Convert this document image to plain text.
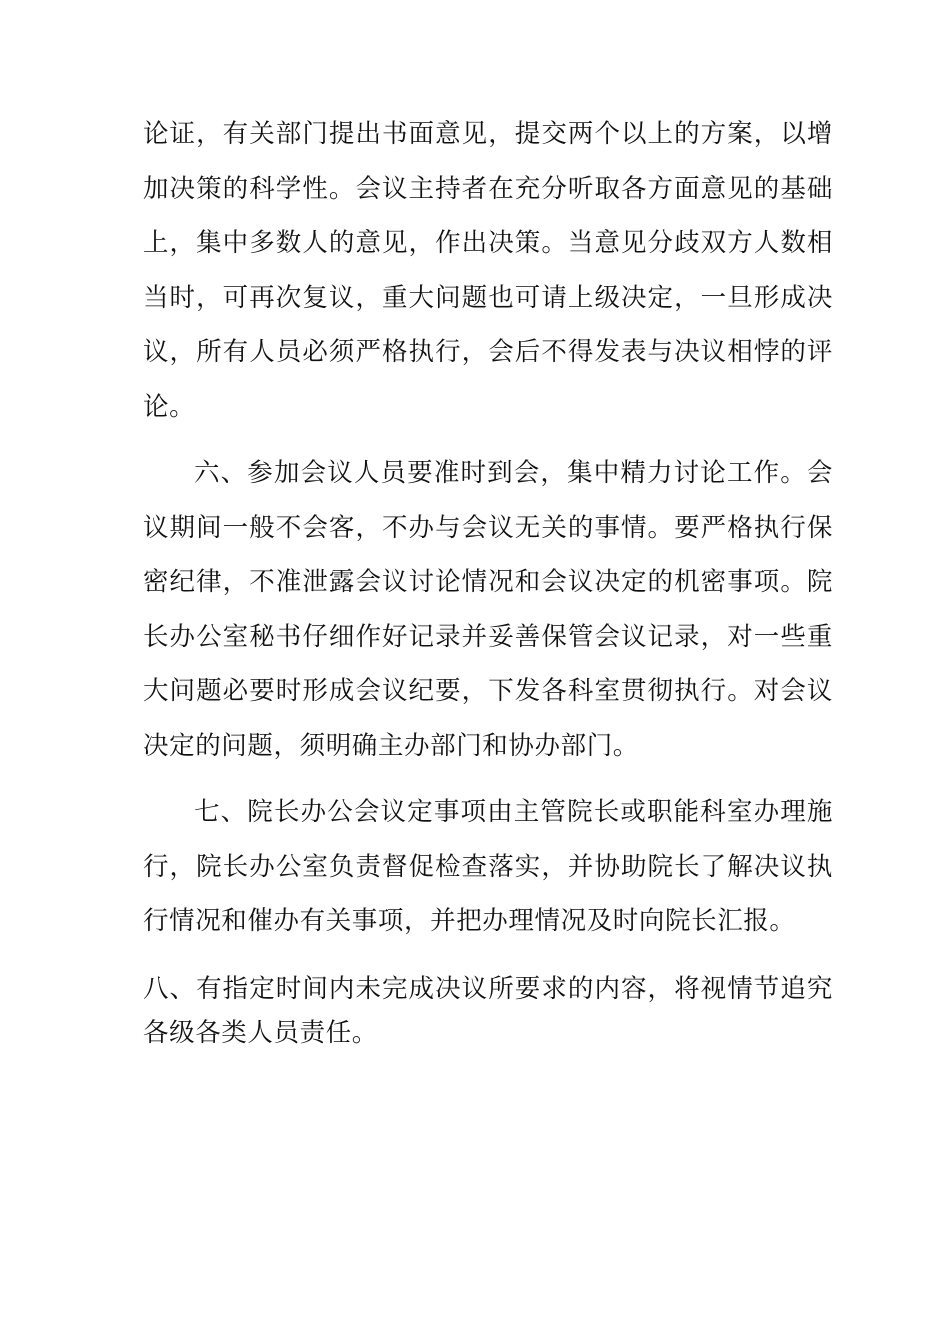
论证，有关部门提出书面意见，提交两个以上的方案，以增加决策的科学性。会议主持者在充分听取各方面意见的基础上，集中多数人的意见，作出决策。当意见分歧双方人数相当时，可再次复议，重大问题也可请上级决定，一旦形成决议，所有人员必须严格执行，会后不得发表与决议相悖的评论。

六、参加会议人员要准时到会，集中精力讨论工作。会议期间一般不会客，不办与会议无关的事情。要严格执行保密纪律，不准泄露会议讨论情况和会议决定的机密事项。院长办公室秘书仔细作好记录并妥善保管会议记录，对一些重大问题必要时形成会议纪要，下发各科室贯彻执行。对会议决定的问题，须明确主办部门和协办部门。

七、院长办公会议定事项由主管院长或职能科室办理施行，院长办公室负责督促检查落实，并协助院长了解决议执行情况和催办有关事项，并把办理情况及时向院长汇报。

八、有指定时间内未完成决议所要求的内容，将视情节追究各级各类人员责任。
